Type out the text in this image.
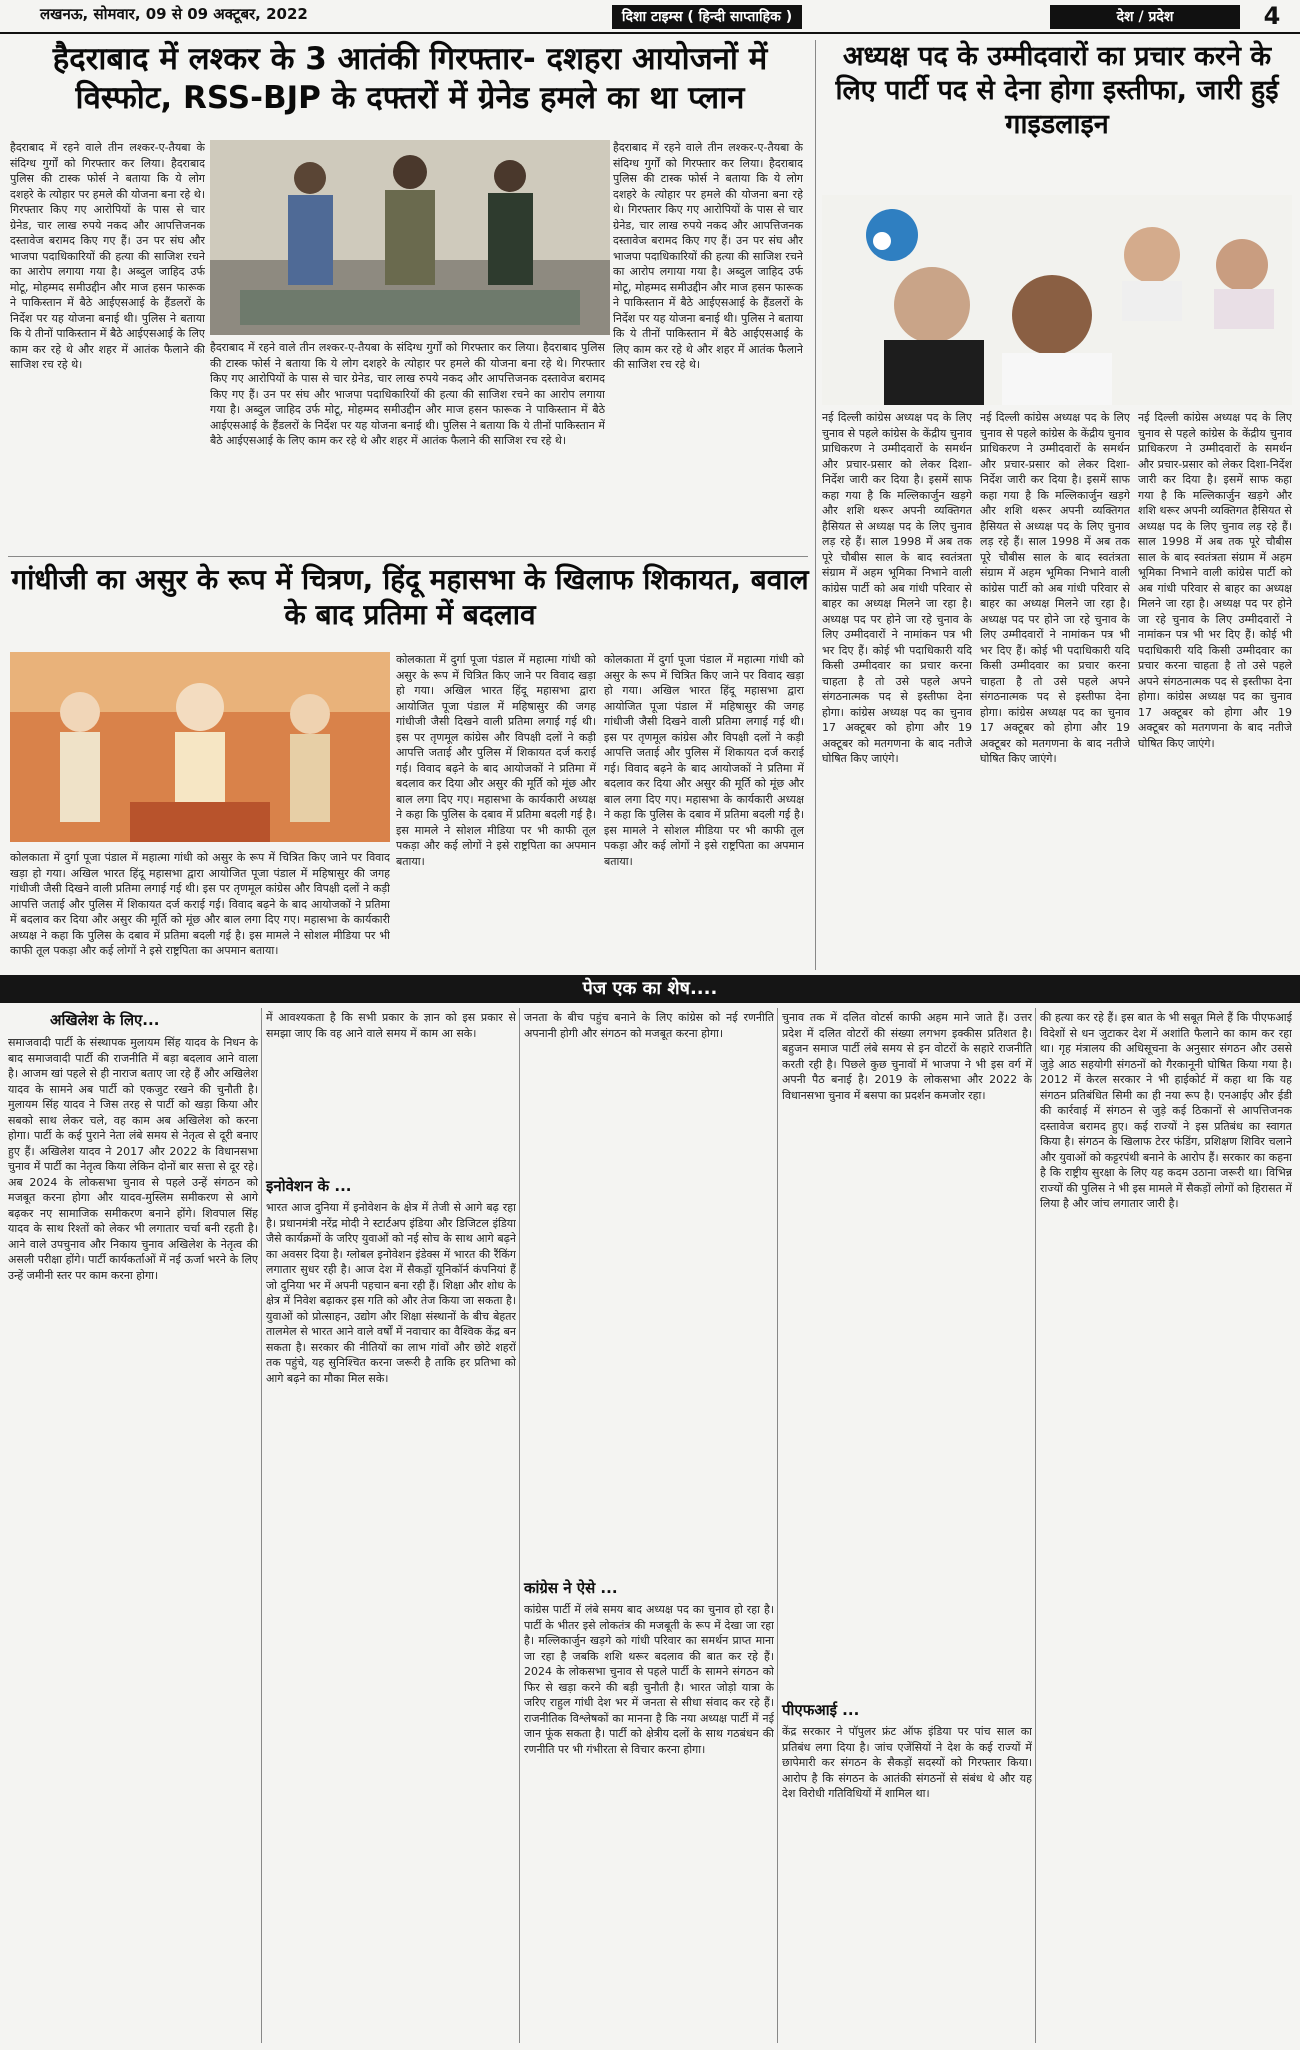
लखनऊ, सोमवार, 09 से 09 अक्टूबर, 2022	दिशा टाइम्स ( हिन्दी साप्ताहिक )	देश / प्रदेश	4
हैदराबाद में लश्कर के 3 आतंकी गिरफ्तार- दशहरा आयोजनों में विस्फोट, RSS-BJP के दफ्तरों में ग्रेनेड हमले का था प्लान
हैदराबाद में रहने वाले तीन लश्कर-ए-तैयबा के संदिग्ध गुर्गों को गिरफ्तार कर लिया। हैदराबाद पुलिस की टास्क फोर्स ने बताया कि ये लोग दशहरे के त्योहार पर हमले की योजना बना रहे थे। गिरफ्तार किए गए आरोपियों के पास से चार ग्रेनेड, चार लाख रुपये नकद और आपत्तिजनक दस्तावेज बरामद किए गए हैं। उन पर संघ और भाजपा पदाधिकारियों की हत्या की साजिश रचने का आरोप लगाया गया है। अब्दुल जाहिद उर्फ मोटू, मोहम्मद समीउद्दीन और माज हसन फारूक ने पाकिस्तान में बैठे आईएसआई के हैंडलरों के निर्देश पर यह योजना बनाई थी। पुलिस ने बताया कि ये तीनों पाकिस्तान में बैठे आईएसआई के लिए काम कर रहे थे और शहर में आतंक फैलाने की साजिश रच रहे थे।
हैदराबाद में रहने वाले तीन लश्कर-ए-तैयबा के संदिग्ध गुर्गों को गिरफ्तार कर लिया। हैदराबाद पुलिस की टास्क फोर्स ने बताया कि ये लोग दशहरे के त्योहार पर हमले की योजना बना रहे थे। गिरफ्तार किए गए आरोपियों के पास से चार ग्रेनेड, चार लाख रुपये नकद और आपत्तिजनक दस्तावेज बरामद किए गए हैं। उन पर संघ और भाजपा पदाधिकारियों की हत्या की साजिश रचने का आरोप लगाया गया है। अब्दुल जाहिद उर्फ मोटू, मोहम्मद समीउद्दीन और माज हसन फारूक ने पाकिस्तान में बैठे आईएसआई के हैंडलरों के निर्देश पर यह योजना बनाई थी। पुलिस ने बताया कि ये तीनों पाकिस्तान में बैठे आईएसआई के लिए काम कर रहे थे और शहर में आतंक फैलाने की साजिश रच रहे थे।
हैदराबाद में रहने वाले तीन लश्कर-ए-तैयबा के संदिग्ध गुर्गों को गिरफ्तार कर लिया। हैदराबाद पुलिस की टास्क फोर्स ने बताया कि ये लोग दशहरे के त्योहार पर हमले की योजना बना रहे थे। गिरफ्तार किए गए आरोपियों के पास से चार ग्रेनेड, चार लाख रुपये नकद और आपत्तिजनक दस्तावेज बरामद किए गए हैं। उन पर संघ और भाजपा पदाधिकारियों की हत्या की साजिश रचने का आरोप लगाया गया है। अब्दुल जाहिद उर्फ मोटू, मोहम्मद समीउद्दीन और माज हसन फारूक ने पाकिस्तान में बैठे आईएसआई के हैंडलरों के निर्देश पर यह योजना बनाई थी। पुलिस ने बताया कि ये तीनों पाकिस्तान में बैठे आईएसआई के लिए काम कर रहे थे और शहर में आतंक फैलाने की साजिश रच रहे थे।
गांधीजी का असुर के रूप में चित्रण, हिंदू महासभा के खिलाफ शिकायत, बवाल के बाद प्रतिमा में बदलाव
कोलकाता में दुर्गा पूजा पंडाल में महात्मा गांधी को असुर के रूप में चित्रित किए जाने पर विवाद खड़ा हो गया। अखिल भारत हिंदू महासभा द्वारा आयोजित पूजा पंडाल में महिषासुर की जगह गांधीजी जैसी दिखने वाली प्रतिमा लगाई गई थी। इस पर तृणमूल कांग्रेस और विपक्षी दलों ने कड़ी आपत्ति जताई और पुलिस में शिकायत दर्ज कराई गई। विवाद बढ़ने के बाद आयोजकों ने प्रतिमा में बदलाव कर दिया और असुर की मूर्ति को मूंछ और बाल लगा दिए गए। महासभा के कार्यकारी अध्यक्ष ने कहा कि पुलिस के दबाव में प्रतिमा बदली गई है। इस मामले ने सोशल मीडिया पर भी काफी तूल पकड़ा और कई लोगों ने इसे राष्ट्रपिता का अपमान बताया।
कोलकाता में दुर्गा पूजा पंडाल में महात्मा गांधी को असुर के रूप में चित्रित किए जाने पर विवाद खड़ा हो गया। अखिल भारत हिंदू महासभा द्वारा आयोजित पूजा पंडाल में महिषासुर की जगह गांधीजी जैसी दिखने वाली प्रतिमा लगाई गई थी। इस पर तृणमूल कांग्रेस और विपक्षी दलों ने कड़ी आपत्ति जताई और पुलिस में शिकायत दर्ज कराई गई। विवाद बढ़ने के बाद आयोजकों ने प्रतिमा में बदलाव कर दिया और असुर की मूर्ति को मूंछ और बाल लगा दिए गए। महासभा के कार्यकारी अध्यक्ष ने कहा कि पुलिस के दबाव में प्रतिमा बदली गई है। इस मामले ने सोशल मीडिया पर भी काफी तूल पकड़ा और कई लोगों ने इसे राष्ट्रपिता का अपमान बताया।
कोलकाता में दुर्गा पूजा पंडाल में महात्मा गांधी को असुर के रूप में चित्रित किए जाने पर विवाद खड़ा हो गया। अखिल भारत हिंदू महासभा द्वारा आयोजित पूजा पंडाल में महिषासुर की जगह गांधीजी जैसी दिखने वाली प्रतिमा लगाई गई थी। इस पर तृणमूल कांग्रेस और विपक्षी दलों ने कड़ी आपत्ति जताई और पुलिस में शिकायत दर्ज कराई गई। विवाद बढ़ने के बाद आयोजकों ने प्रतिमा में बदलाव कर दिया और असुर की मूर्ति को मूंछ और बाल लगा दिए गए। महासभा के कार्यकारी अध्यक्ष ने कहा कि पुलिस के दबाव में प्रतिमा बदली गई है। इस मामले ने सोशल मीडिया पर भी काफी तूल पकड़ा और कई लोगों ने इसे राष्ट्रपिता का अपमान बताया।
अध्यक्ष पद के उम्मीदवारों का प्रचार करने के लिए पार्टी पद से देना होगा इस्तीफा, जारी हुई गाइडलाइन
नई दिल्ली कांग्रेस अध्यक्ष पद के लिए चुनाव से पहले कांग्रेस के केंद्रीय चुनाव प्राधिकरण ने उम्मीदवारों के समर्थन और प्रचार-प्रसार को लेकर दिशा-निर्देश जारी कर दिया है। इसमें साफ कहा गया है कि मल्लिकार्जुन खड़गे और शशि थरूर अपनी व्यक्तिगत हैसियत से अध्यक्ष पद के लिए चुनाव लड़ रहे हैं। साल 1998 में अब तक पूरे चौबीस साल के बाद स्वतंत्रता संग्राम में अहम भूमिका निभाने वाली कांग्रेस पार्टी को अब गांधी परिवार से बाहर का अध्यक्ष मिलने जा रहा है। अध्यक्ष पद पर होने जा रहे चुनाव के लिए उम्मीदवारों ने नामांकन पत्र भी भर दिए हैं। कोई भी पदाधिकारी यदि किसी उम्मीदवार का प्रचार करना चाहता है तो उसे पहले अपने संगठनात्मक पद से इस्तीफा देना होगा। कांग्रेस अध्यक्ष पद का चुनाव 17 अक्टूबर को होगा और 19 अक्टूबर को मतगणना के बाद नतीजे घोषित किए जाएंगे।
नई दिल्ली कांग्रेस अध्यक्ष पद के लिए चुनाव से पहले कांग्रेस के केंद्रीय चुनाव प्राधिकरण ने उम्मीदवारों के समर्थन और प्रचार-प्रसार को लेकर दिशा-निर्देश जारी कर दिया है। इसमें साफ कहा गया है कि मल्लिकार्जुन खड़गे और शशि थरूर अपनी व्यक्तिगत हैसियत से अध्यक्ष पद के लिए चुनाव लड़ रहे हैं। साल 1998 में अब तक पूरे चौबीस साल के बाद स्वतंत्रता संग्राम में अहम भूमिका निभाने वाली कांग्रेस पार्टी को अब गांधी परिवार से बाहर का अध्यक्ष मिलने जा रहा है। अध्यक्ष पद पर होने जा रहे चुनाव के लिए उम्मीदवारों ने नामांकन पत्र भी भर दिए हैं। कोई भी पदाधिकारी यदि किसी उम्मीदवार का प्रचार करना चाहता है तो उसे पहले अपने संगठनात्मक पद से इस्तीफा देना होगा। कांग्रेस अध्यक्ष पद का चुनाव 17 अक्टूबर को होगा और 19 अक्टूबर को मतगणना के बाद नतीजे घोषित किए जाएंगे।
नई दिल्ली कांग्रेस अध्यक्ष पद के लिए चुनाव से पहले कांग्रेस के केंद्रीय चुनाव प्राधिकरण ने उम्मीदवारों के समर्थन और प्रचार-प्रसार को लेकर दिशा-निर्देश जारी कर दिया है। इसमें साफ कहा गया है कि मल्लिकार्जुन खड़गे और शशि थरूर अपनी व्यक्तिगत हैसियत से अध्यक्ष पद के लिए चुनाव लड़ रहे हैं। साल 1998 में अब तक पूरे चौबीस साल के बाद स्वतंत्रता संग्राम में अहम भूमिका निभाने वाली कांग्रेस पार्टी को अब गांधी परिवार से बाहर का अध्यक्ष मिलने जा रहा है। अध्यक्ष पद पर होने जा रहे चुनाव के लिए उम्मीदवारों ने नामांकन पत्र भी भर दिए हैं। कोई भी पदाधिकारी यदि किसी उम्मीदवार का प्रचार करना चाहता है तो उसे पहले अपने संगठनात्मक पद से इस्तीफा देना होगा। कांग्रेस अध्यक्ष पद का चुनाव 17 अक्टूबर को होगा और 19 अक्टूबर को मतगणना के बाद नतीजे घोषित किए जाएंगे।
पेज एक का शेष....
अखिलेश के लिए...
समाजवादी पार्टी के संस्थापक मुलायम सिंह यादव के निधन के बाद समाजवादी पार्टी की राजनीति में बड़ा बदलाव आने वाला है। आजम खां पहले से ही नाराज बताए जा रहे हैं और अखिलेश यादव के सामने अब पार्टी को एकजुट रखने की चुनौती है। मुलायम सिंह यादव ने जिस तरह से पार्टी को खड़ा किया और सबको साथ लेकर चले, वह काम अब अखिलेश को करना होगा। पार्टी के कई पुराने नेता लंबे समय से नेतृत्व से दूरी बनाए हुए हैं। अखिलेश यादव ने 2017 और 2022 के विधानसभा चुनाव में पार्टी का नेतृत्व किया लेकिन दोनों बार सत्ता से दूर रहे। अब 2024 के लोकसभा चुनाव से पहले उन्हें संगठन को मजबूत करना होगा और यादव-मुस्लिम समीकरण से आगे बढ़कर नए सामाजिक समीकरण बनाने होंगे। शिवपाल सिंह यादव के साथ रिश्तों को लेकर भी लगातार चर्चा बनी रहती है। आने वाले उपचुनाव और निकाय चुनाव अखिलेश के नेतृत्व की असली परीक्षा होंगे। पार्टी कार्यकर्ताओं में नई ऊर्जा भरने के लिए उन्हें जमीनी स्तर पर काम करना होगा।
में आवश्यकता है कि सभी प्रकार के ज्ञान को इस प्रकार से समझा जाए कि वह आने वाले समय में काम आ सके।
इनोवेशन के ...
भारत आज दुनिया में इनोवेशन के क्षेत्र में तेजी से आगे बढ़ रहा है। प्रधानमंत्री नरेंद्र मोदी ने स्टार्टअप इंडिया और डिजिटल इंडिया जैसे कार्यक्रमों के जरिए युवाओं को नई सोच के साथ आगे बढ़ने का अवसर दिया है। ग्लोबल इनोवेशन इंडेक्स में भारत की रैंकिंग लगातार सुधर रही है। आज देश में सैकड़ों यूनिकॉर्न कंपनियां हैं जो दुनिया भर में अपनी पहचान बना रही हैं। शिक्षा और शोध के क्षेत्र में निवेश बढ़ाकर इस गति को और तेज किया जा सकता है। युवाओं को प्रोत्साहन, उद्योग और शिक्षा संस्थानों के बीच बेहतर तालमेल से भारत आने वाले वर्षों में नवाचार का वैश्विक केंद्र बन सकता है। सरकार की नीतियों का लाभ गांवों और छोटे शहरों तक पहुंचे, यह सुनिश्चित करना जरूरी है ताकि हर प्रतिभा को आगे बढ़ने का मौका मिल सके।
जनता के बीच पहुंच बनाने के लिए कांग्रेस को नई रणनीति अपनानी होगी और संगठन को मजबूत करना होगा।
कांग्रेस ने ऐसे ...
कांग्रेस पार्टी में लंबे समय बाद अध्यक्ष पद का चुनाव हो रहा है। पार्टी के भीतर इसे लोकतंत्र की मजबूती के रूप में देखा जा रहा है। मल्लिकार्जुन खड़गे को गांधी परिवार का समर्थन प्राप्त माना जा रहा है जबकि शशि थरूर बदलाव की बात कर रहे हैं। 2024 के लोकसभा चुनाव से पहले पार्टी के सामने संगठन को फिर से खड़ा करने की बड़ी चुनौती है। भारत जोड़ो यात्रा के जरिए राहुल गांधी देश भर में जनता से सीधा संवाद कर रहे हैं। राजनीतिक विश्लेषकों का मानना है कि नया अध्यक्ष पार्टी में नई जान फूंक सकता है। पार्टी को क्षेत्रीय दलों के साथ गठबंधन की रणनीति पर भी गंभीरता से विचार करना होगा।
चुनाव तक में दलित वोटर्स काफी अहम माने जाते हैं। उत्तर प्रदेश में दलित वोटरों की संख्या लगभग इक्कीस प्रतिशत है। बहुजन समाज पार्टी लंबे समय से इन वोटरों के सहारे राजनीति करती रही है। पिछले कुछ चुनावों में भाजपा ने भी इस वर्ग में अपनी पैठ बनाई है। 2019 के लोकसभा और 2022 के विधानसभा चुनाव में बसपा का प्रदर्शन कमजोर रहा।
पीएफआई ...
केंद्र सरकार ने पॉपुलर फ्रंट ऑफ इंडिया पर पांच साल का प्रतिबंध लगा दिया है। जांच एजेंसियों ने देश के कई राज्यों में छापेमारी कर संगठन के सैकड़ों सदस्यों को गिरफ्तार किया। आरोप है कि संगठन के आतंकी संगठनों से संबंध थे और यह देश विरोधी गतिविधियों में शामिल था।
की हत्या कर रहे हैं। इस बात के भी सबूत मिले हैं कि पीएफआई विदेशों से धन जुटाकर देश में अशांति फैलाने का काम कर रहा था। गृह मंत्रालय की अधिसूचना के अनुसार संगठन और उससे जुड़े आठ सहयोगी संगठनों को गैरकानूनी घोषित किया गया है। 2012 में केरल सरकार ने भी हाईकोर्ट में कहा था कि यह संगठन प्रतिबंधित सिमी का ही नया रूप है। एनआईए और ईडी की कार्रवाई में संगठन से जुड़े कई ठिकानों से आपत्तिजनक दस्तावेज बरामद हुए। कई राज्यों ने इस प्रतिबंध का स्वागत किया है। संगठन के खिलाफ टेरर फंडिंग, प्रशिक्षण शिविर चलाने और युवाओं को कट्टरपंथी बनाने के आरोप हैं। सरकार का कहना है कि राष्ट्रीय सुरक्षा के लिए यह कदम उठाना जरूरी था। विभिन्न राज्यों की पुलिस ने भी इस मामले में सैकड़ों लोगों को हिरासत में लिया है और जांच लगातार जारी है।
